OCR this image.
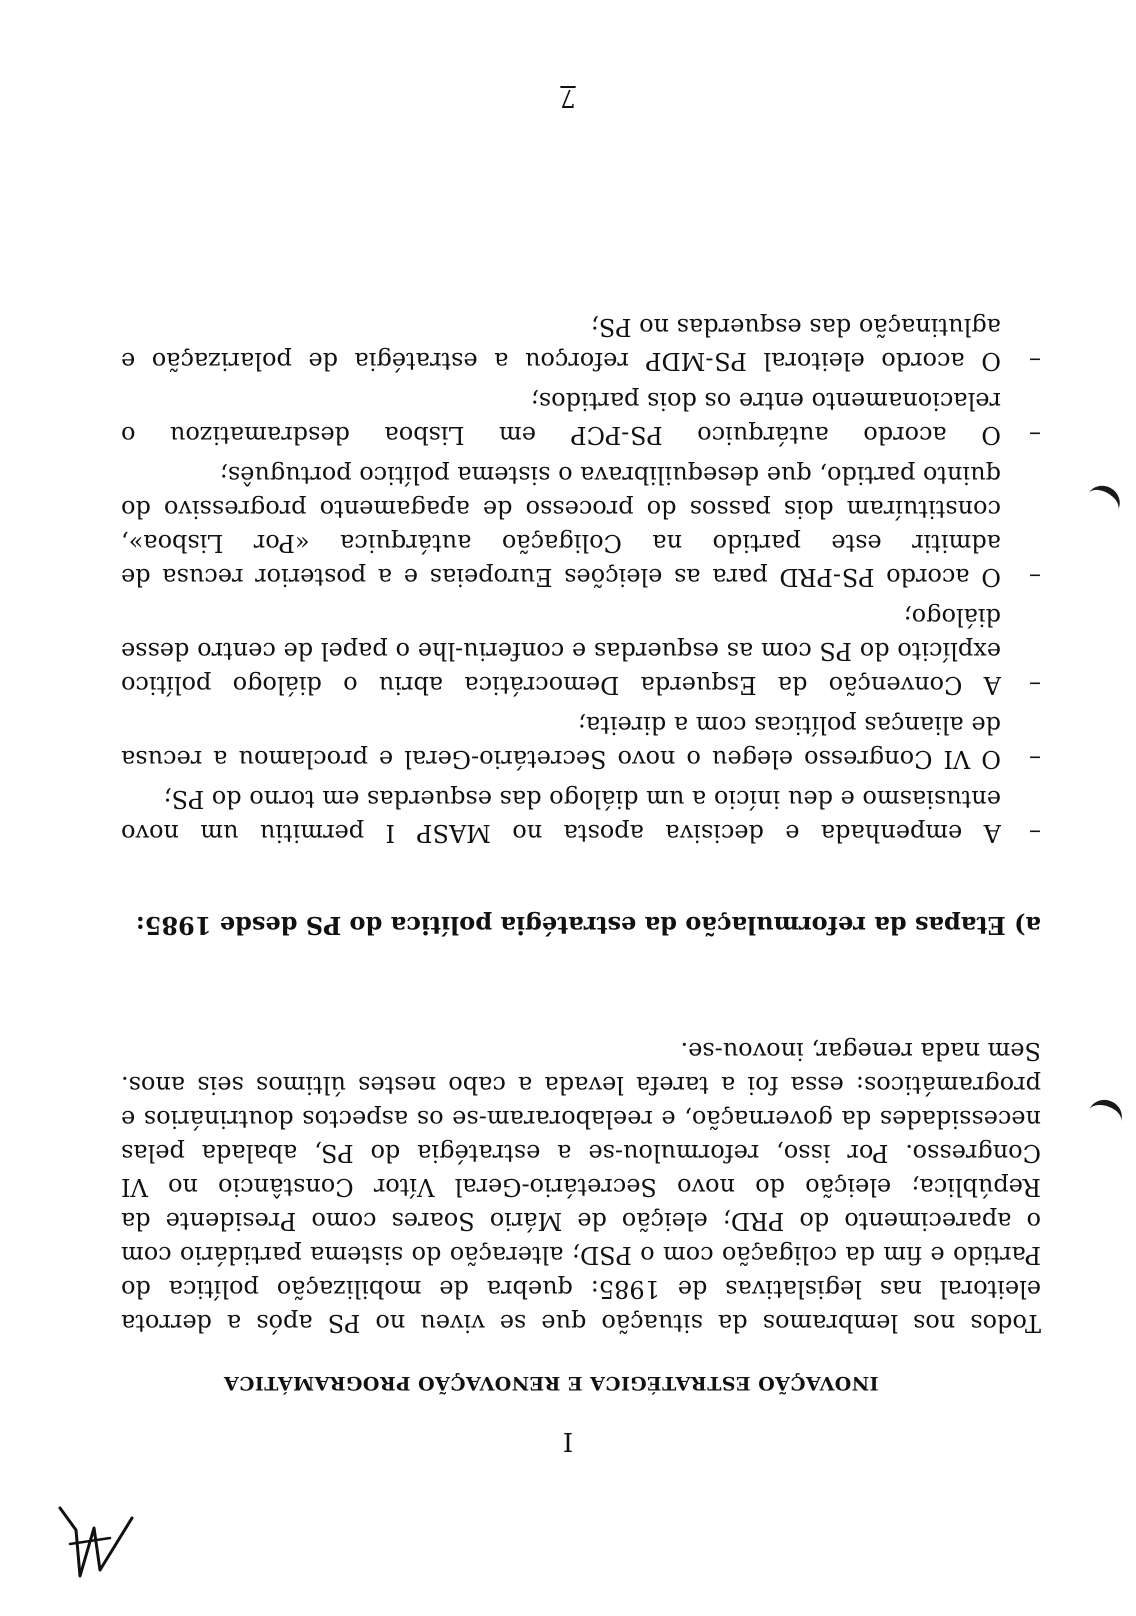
I

INOVAÇÃO ESTRATÉGICA E RENOVAÇÃO PROGRAMÁTICA

Todos nos lembramos da situação que se viveu no PS após a derrota eleitoral nas legislativas de 1985: quebra de mobilização política do Partido e fim da coligação com o PSD; alteração do sistema partidário com o aparecimento do PRD; eleição de Mário Soares como Presidente da República; eleição do novo Secretário-Geral Vítor Constâncio no VI Congresso. Por isso, reformulou-se a estratégia do PS, abalada pelas necessidades da governação, e reelaboraram-se os aspectos doutrinários e programáticos: essa foi a tarefa levada a cabo nestes últimos seis anos. Sem nada renegar, inovou-se.

a) Etapas da reformulação da estratégia política do PS desde 1985:
–
A empenhada e decisiva aposta no MASP I permitiu um novo entusiasmo e deu início a um diálogo das esquerdas em torno do PS;
–
O VI Congresso elegeu o novo Secretário-Geral e proclamou a recusa de alianças políticas com a direita;
–
A Convenção da Esquerda Democrática abriu o diálogo político explícito do PS com as esquerdas e conferiu-lhe o papel de centro desse diálogo;
–
O acordo PS-PRD para as eleições Europeias e a posterior recusa de admitir este partido na Coligação autárquica «Por Lisboa», constituíram dois passos do processo de apagamento progressivo do quinto partido, que desequilibrava o sistema político português;
–
O acordo autárquico PS-PCP em Lisboa desdramatizou o relacionamento entre os dois partidos;
–
O acordo eleitoral PS-MDP reforçou a estratégia de polarização e aglutinação das esquerdas no PS;

7
